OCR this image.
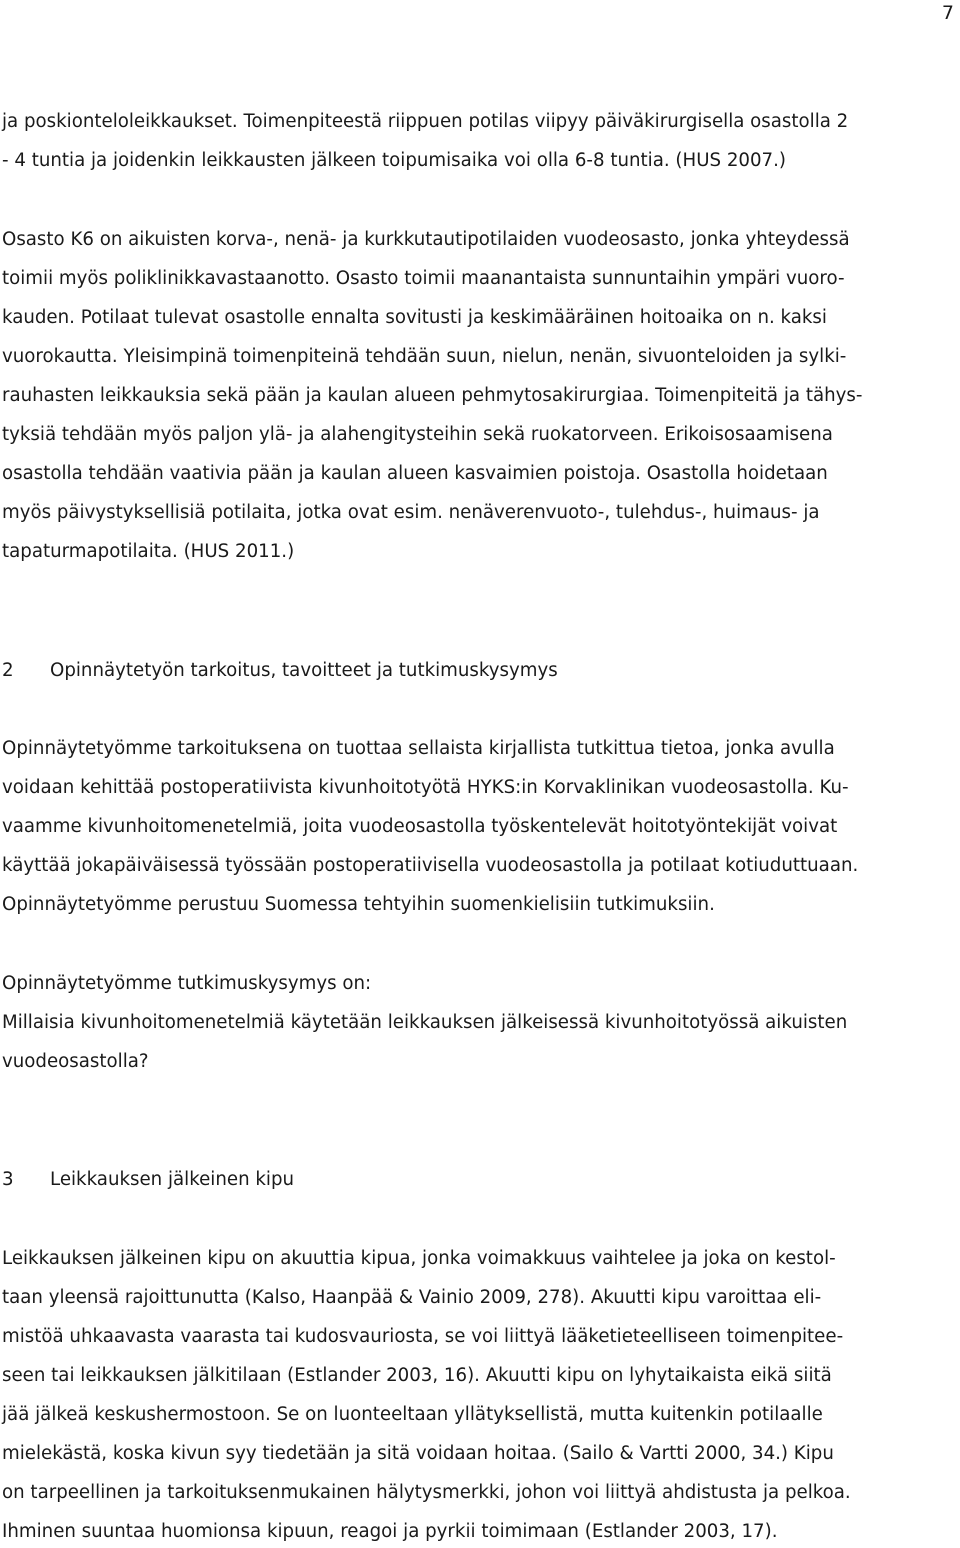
7
ja poskionteloleikkaukset. Toimenpiteestä riippuen potilas viipyy päiväkirurgisella osastolla 2
- 4 tuntia ja joidenkin leikkausten jälkeen toipumisaika voi olla 6-8 tuntia. (HUS 2007.)
Osasto K6 on aikuisten korva-, nenä- ja kurkkutautipotilaiden vuodeosasto, jonka yhteydessä
toimii myös poliklinikkavastaanotto. Osasto toimii maanantaista sunnuntaihin ympäri vuoro-
kauden. Potilaat tulevat osastolle ennalta sovitusti ja keskimääräinen hoitoaika on n. kaksi
vuorokautta. Yleisimpinä toimenpiteinä tehdään suun, nielun, nenän, sivuonteloiden ja sylki-
rauhasten leikkauksia sekä pään ja kaulan alueen pehmytosakirurgiaa. Toimenpiteitä ja tähys-
tyksiä tehdään myös paljon ylä- ja alahengitysteihin sekä ruokatorveen. Erikoisosaamisena
osastolla tehdään vaativia pään ja kaulan alueen kasvaimien poistoja. Osastolla hoidetaan
myös päivystyksellisiä potilaita, jotka ovat esim. nenäverenvuoto-, tulehdus-, huimaus- ja
tapaturmapotilaita. (HUS 2011.)
2 Opinnäytetyön tarkoitus, tavoitteet ja tutkimuskysymys
Opinnäytetyömme tarkoituksena on tuottaa sellaista kirjallista tutkittua tietoa, jonka avulla
voidaan kehittää postoperatiivista kivunhoitotyötä HYKS:in Korvaklinikan vuodeosastolla. Ku-
vaamme kivunhoitomenetelmiä, joita vuodeosastolla työskentelevät hoitotyöntekijät voivat
käyttää jokapäiväisessä työssään postoperatiivisella vuodeosastolla ja potilaat kotiuduttuaan.
Opinnäytetyömme perustuu Suomessa tehtyihin suomenkielisiin tutkimuksiin.
Opinnäytetyömme tutkimuskysymys on:
Millaisia kivunhoitomenetelmiä käytetään leikkauksen jälkeisessä kivunhoitotyössä aikuisten
vuodeosastolla?
3 Leikkauksen jälkeinen kipu
Leikkauksen jälkeinen kipu on akuuttia kipua, jonka voimakkuus vaihtelee ja joka on kestol-
taan yleensä rajoittunutta (Kalso, Haanpää & Vainio 2009, 278). Akuutti kipu varoittaa eli-
mistöä uhkaavasta vaarasta tai kudosvauriosta, se voi liittyä lääketieteelliseen toimenpitee-
seen tai leikkauksen jälkitilaan (Estlander 2003, 16). Akuutti kipu on lyhytaikaista eikä siitä
jää jälkeä keskushermostoon. Se on luonteeltaan yllätyksellistä, mutta kuitenkin potilaalle
mielekästä, koska kivun syy tiedetään ja sitä voidaan hoitaa. (Sailo & Vartti 2000, 34.) Kipu
on tarpeellinen ja tarkoituksenmukainen hälytysmerkki, johon voi liittyä ahdistusta ja pelkoa.
Ihminen suuntaa huomionsa kipuun, reagoi ja pyrkii toimimaan (Estlander 2003, 17).
